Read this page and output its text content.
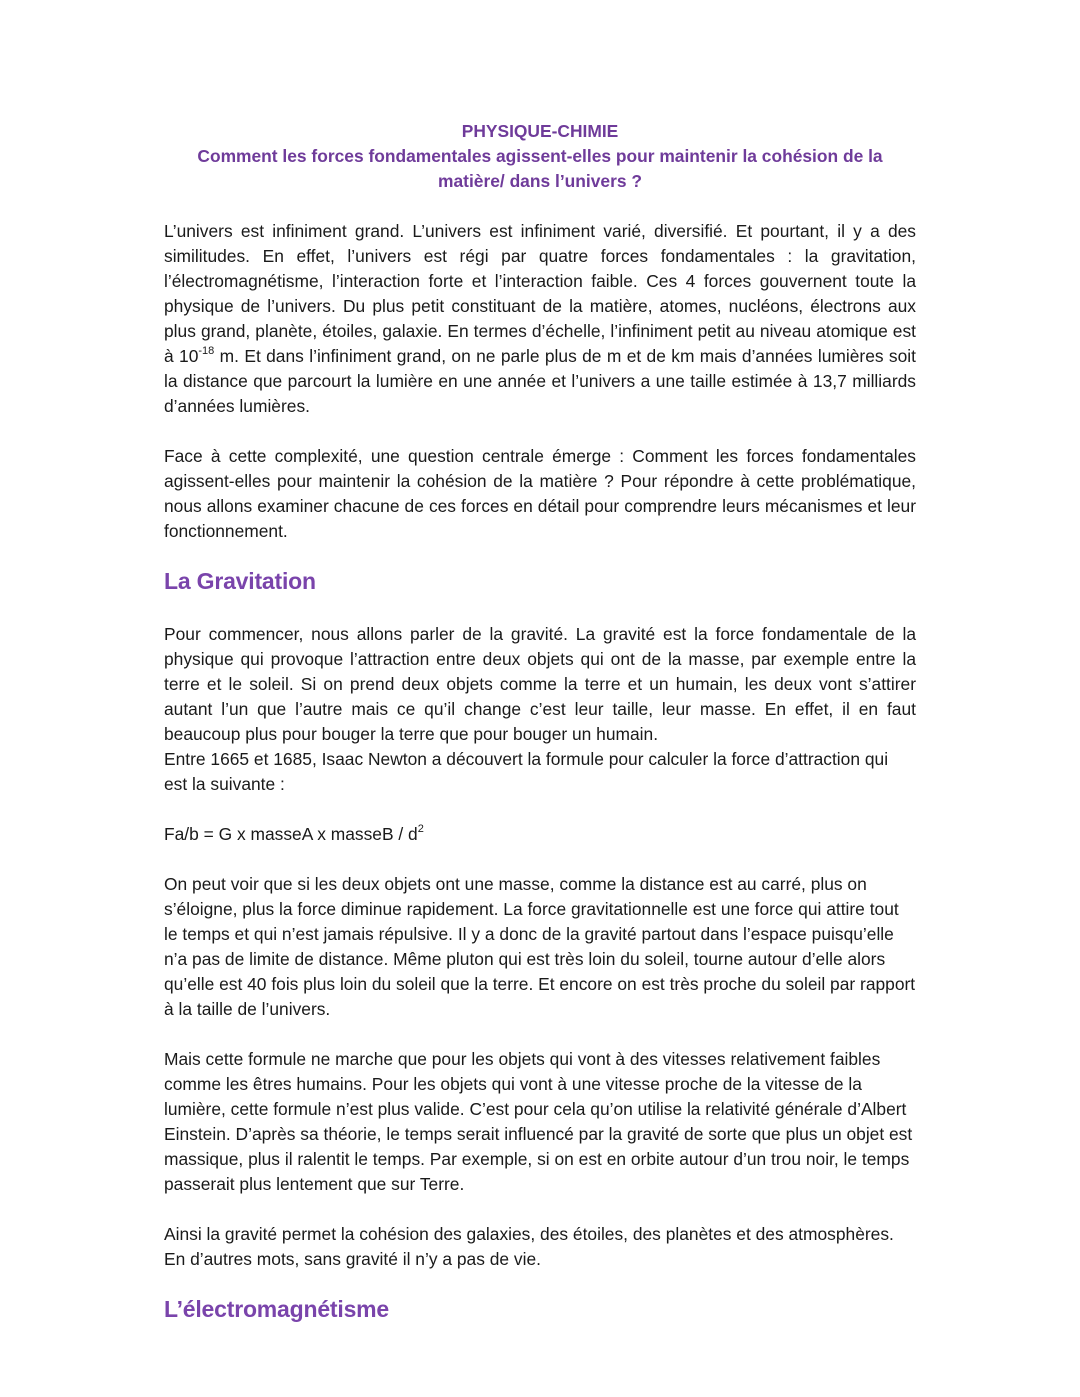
PHYSIQUE-CHIMIE
Comment les forces fondamentales agissent-elles pour maintenir la cohésion de la matière/ dans l’univers ?

L’univers est infiniment grand. L’univers est infiniment varié, diversifié. Et pourtant, il y a des similitudes. En effet, l’univers est régi par quatre forces fondamentales : la gravitation, l’électromagnétisme, l’interaction forte et l’interaction faible. Ces 4 forces gouvernent toute la physique de l’univers. Du plus petit constituant de la matière, atomes, nucléons, électrons aux plus grand, planète, étoiles, galaxie. En termes d’échelle, l’infiniment petit au niveau atomique est à $10^{-18}$ m. Et dans l’infiniment grand, on ne parle plus de m et de km mais d’années lumières soit la distance que parcourt la lumière en une année et l’univers a une taille estimée à 13,7 milliards d’années lumières.

Face à cette complexité, une question centrale émerge : Comment les forces fondamentales agissent-elles pour maintenir la cohésion de la matière ? Pour répondre à cette problématique, nous allons examiner chacune de ces forces en détail pour comprendre leurs mécanismes et leur fonctionnement.

La Gravitation

Pour commencer, nous allons parler de la gravité. La gravité est la force fondamentale de la physique qui provoque l’attraction entre deux objets qui ont de la masse, par exemple entre la terre et le soleil. Si on prend deux objets comme la terre et un humain, les deux vont s’attirer autant l’un que l’autre mais ce qu’il change c’est leur taille, leur masse. En effet, il en faut beaucoup plus pour bouger la terre que pour bouger un humain.

Entre 1665 et 1685, Isaac Newton a découvert la formule pour calculer la force d’attraction qui est la suivante :

Fa/b = G x masseA x masseB / $d^2$

On peut voir que si les deux objets ont une masse, comme la distance est au carré, plus on s’éloigne, plus la force diminue rapidement. La force gravitationnelle est une force qui attire tout le temps et qui n’est jamais répulsive. Il y a donc de la gravité partout dans l’espace puisqu’elle n’a pas de limite de distance. Même pluton qui est très loin du soleil, tourne autour d’elle alors qu’elle est 40 fois plus loin du soleil que la terre. Et encore on est très proche du soleil par rapport à la taille de l’univers.

Mais cette formule ne marche que pour les objets qui vont à des vitesses relativement faibles comme les êtres humains. Pour les objets qui vont à une vitesse proche de la vitesse de la lumière, cette formule n’est plus valide. C’est pour cela qu’on utilise la relativité générale d’Albert Einstein. D’après sa théorie, le temps serait influencé par la gravité de sorte que plus un objet est massique, plus il ralentit le temps. Par exemple, si on est en orbite autour d’un trou noir, le temps passerait plus lentement que sur Terre.

Ainsi la gravité permet la cohésion des galaxies, des étoiles, des planètes et des atmosphères. En d’autres mots, sans gravité il n’y a pas de vie.

L’électromagnétisme
